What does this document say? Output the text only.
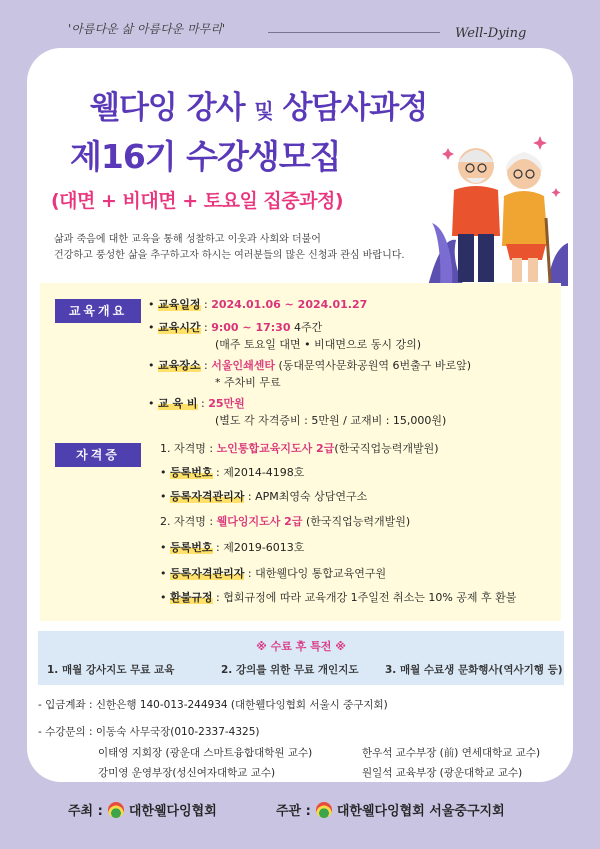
'아름다운 삶 아름다운 마무리'	Well-Dying
웰다잉 강사 및 상담사과정
제16기 수강생모집
(대면 + 비대면 + 토요일 집중과정)
삶과 죽음에 대한 교육을 통해 성찰하고 이웃과 사회와 더불어
건강하고 풍성한 삶을 추구하고자 하시는 여러분들의 많은 신청과 관심 바랍니다.
교육개요	• 교육일정 : 2024.01.06 ~ 2024.01.27
• 교육시간 : 9:00 ~ 17:30 4주간
(매주 토요일 대면 • 비대면으로 동시 강의)
• 교육장소 : 서울인쇄센타 (동대문역사문화공원역 6번출구 바로앞)
* 주차비 무료
• 교 육 비 : 25만원
(별도 각 자격증비 : 5만원 / 교재비 : 15,000원)
자격증	1. 자격명 : 노인통합교육지도사 2급(한국직업능력개발원)
• 등록번호 : 제2014-4198호
• 등록자격관리자 : APM최영숙 상담연구소
2. 자격명 : 웰다잉지도사 2급 (한국직업능력개발원)
• 등록번호 : 제2019-6013호
• 등록자격관리자 : 대한웰다잉 통합교육연구원
• 환불규정 : 협회규정에 따라 교육개강 1주일전 취소는 10% 공제 후 환불
※ 수료 후 특전 ※
1. 매월 강사지도 무료 교육	2. 강의를 위한 무료 개인지도	3. 매월 수료생 문화행사(역사기행 등)
- 입금계좌 : 신한은행 140-013-244934 (대한웰다잉협회 서울시 중구지회)
- 수강문의 : 이동숙 사무국장(010-2337-4325)
이태영 지회장 (광운대 스마트융합대학원 교수)	한우석 교수부장 (前) 연세대학교 교수)
강미영 운영부장(성신여자대학교 교수)	원일석 교육부장 (광운대학교 교수)
주최 : 대한웰다잉협회	주관 : 대한웰다잉협회 서울중구지회
